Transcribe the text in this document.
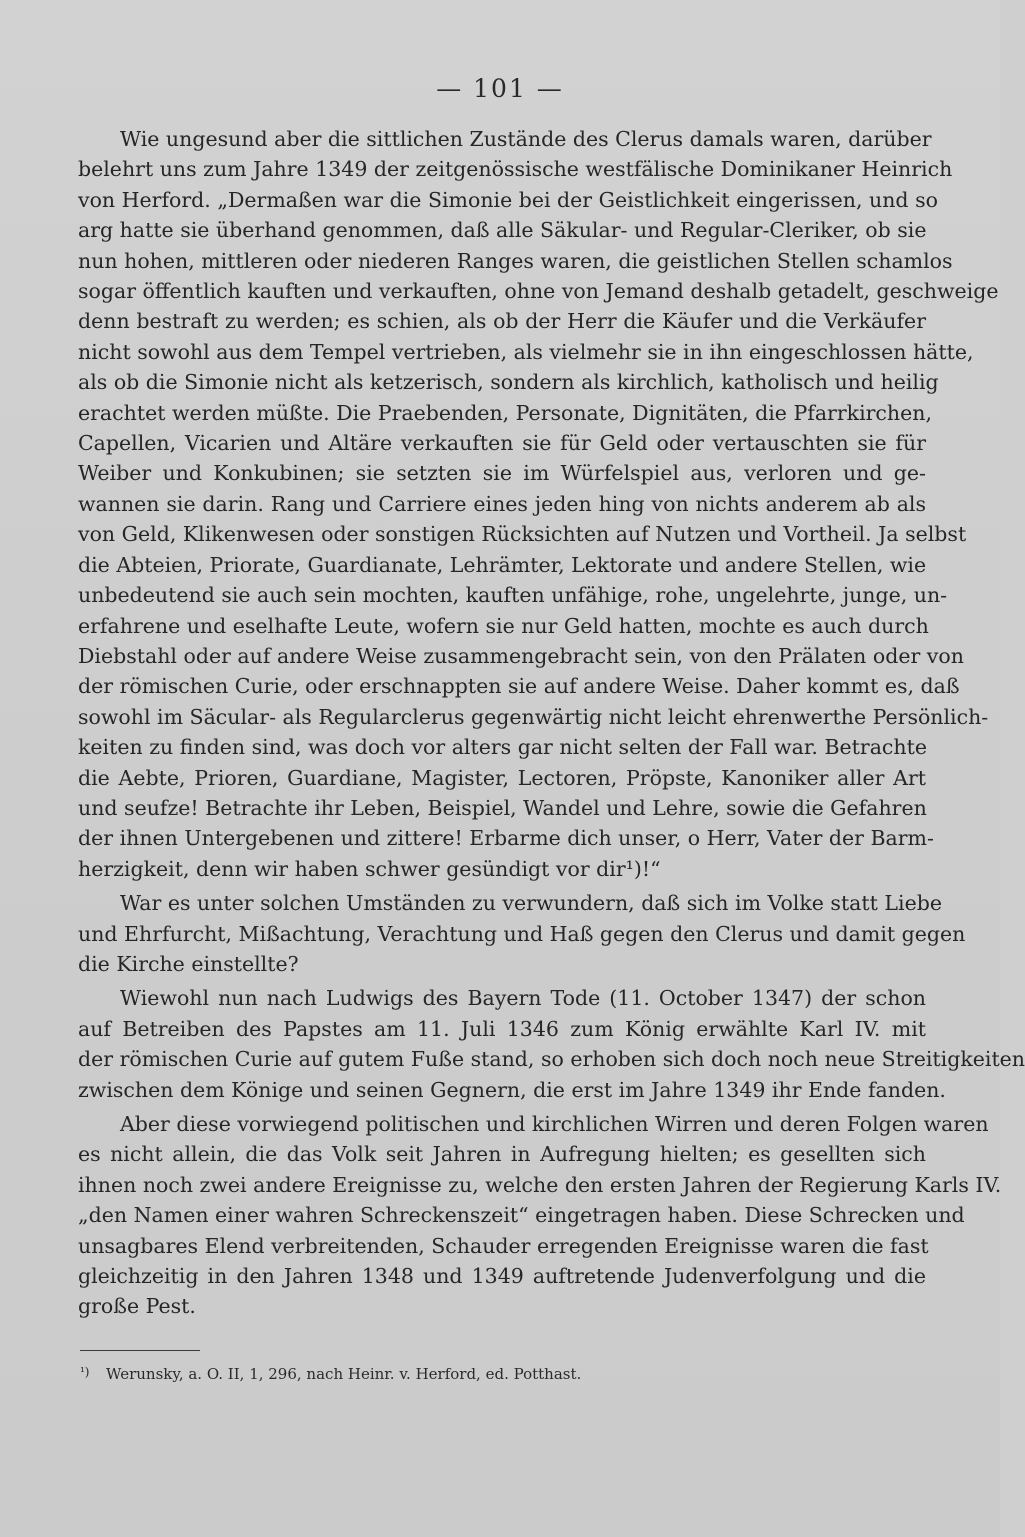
— 101 —

Wie ungesund aber die sittlichen Zustände des Clerus damals waren, darüber
belehrt uns zum Jahre 1349 der zeitgenössische westfälische Dominikaner Heinrich
von Herford. „Dermaßen war die Simonie bei der Geistlichkeit eingerissen, und so
arg hatte sie überhand genommen, daß alle Säkular- und Regular-Cleriker, ob sie
nun hohen, mittleren oder niederen Ranges waren, die geistlichen Stellen schamlos
sogar öffentlich kauften und verkauften, ohne von Jemand deshalb getadelt, geschweige
denn bestraft zu werden; es schien, als ob der Herr die Käufer und die Verkäufer
nicht sowohl aus dem Tempel vertrieben, als vielmehr sie in ihn eingeschlossen hätte,
als ob die Simonie nicht als ketzerisch, sondern als kirchlich, katholisch und heilig
erachtet werden müßte. Die Praebenden, Personate, Dignitäten, die Pfarrkirchen,
Capellen, Vicarien und Altäre verkauften sie für Geld oder vertauschten sie für
Weiber und Konkubinen; sie setzten sie im Würfelspiel aus, verloren und ge-
wannen sie darin. Rang und Carriere eines jeden hing von nichts anderem ab als
von Geld, Klikenwesen oder sonstigen Rücksichten auf Nutzen und Vortheil. Ja selbst
die Abteien, Priorate, Guardianate, Lehrämter, Lektorate und andere Stellen, wie
unbedeutend sie auch sein mochten, kauften unfähige, rohe, ungelehrte, junge, un-
erfahrene und eselhafte Leute, wofern sie nur Geld hatten, mochte es auch durch
Diebstahl oder auf andere Weise zusammengebracht sein, von den Prälaten oder von
der römischen Curie, oder erschnappten sie auf andere Weise. Daher kommt es, daß
sowohl im Säcular- als Regularclerus gegenwärtig nicht leicht ehrenwerthe Persönlich-
keiten zu finden sind, was doch vor alters gar nicht selten der Fall war. Betrachte
die Aebte, Prioren, Guardiane, Magister, Lectoren, Pröpste, Kanoniker aller Art
und seufze! Betrachte ihr Leben, Beispiel, Wandel und Lehre, sowie die Gefahren
der ihnen Untergebenen und zittere! Erbarme dich unser, o Herr, Vater der Barm-
herzigkeit, denn wir haben schwer gesündigt vor dir¹)!“

War es unter solchen Umständen zu verwundern, daß sich im Volke statt Liebe
und Ehrfurcht, Mißachtung, Verachtung und Haß gegen den Clerus und damit gegen
die Kirche einstellte?

Wiewohl nun nach Ludwigs des Bayern Tode (11. October 1347) der schon
auf Betreiben des Papstes am 11. Juli 1346 zum König erwählte Karl IV. mit
der römischen Curie auf gutem Fuße stand, so erhoben sich doch noch neue Streitigkeiten
zwischen dem Könige und seinen Gegnern, die erst im Jahre 1349 ihr Ende fanden.

Aber diese vorwiegend politischen und kirchlichen Wirren und deren Folgen waren
es nicht allein, die das Volk seit Jahren in Aufregung hielten; es gesellten sich
ihnen noch zwei andere Ereignisse zu, welche den ersten Jahren der Regierung Karls IV.
„den Namen einer wahren Schreckenszeit“ eingetragen haben. Diese Schrecken und
unsagbares Elend verbreitenden, Schauder erregenden Ereignisse waren die fast
gleichzeitig in den Jahren 1348 und 1349 auftretende Judenverfolgung und die
große Pest.

¹) Werunsky, a. O. II, 1, 296, nach Heinr. v. Herford, ed. Potthast.
